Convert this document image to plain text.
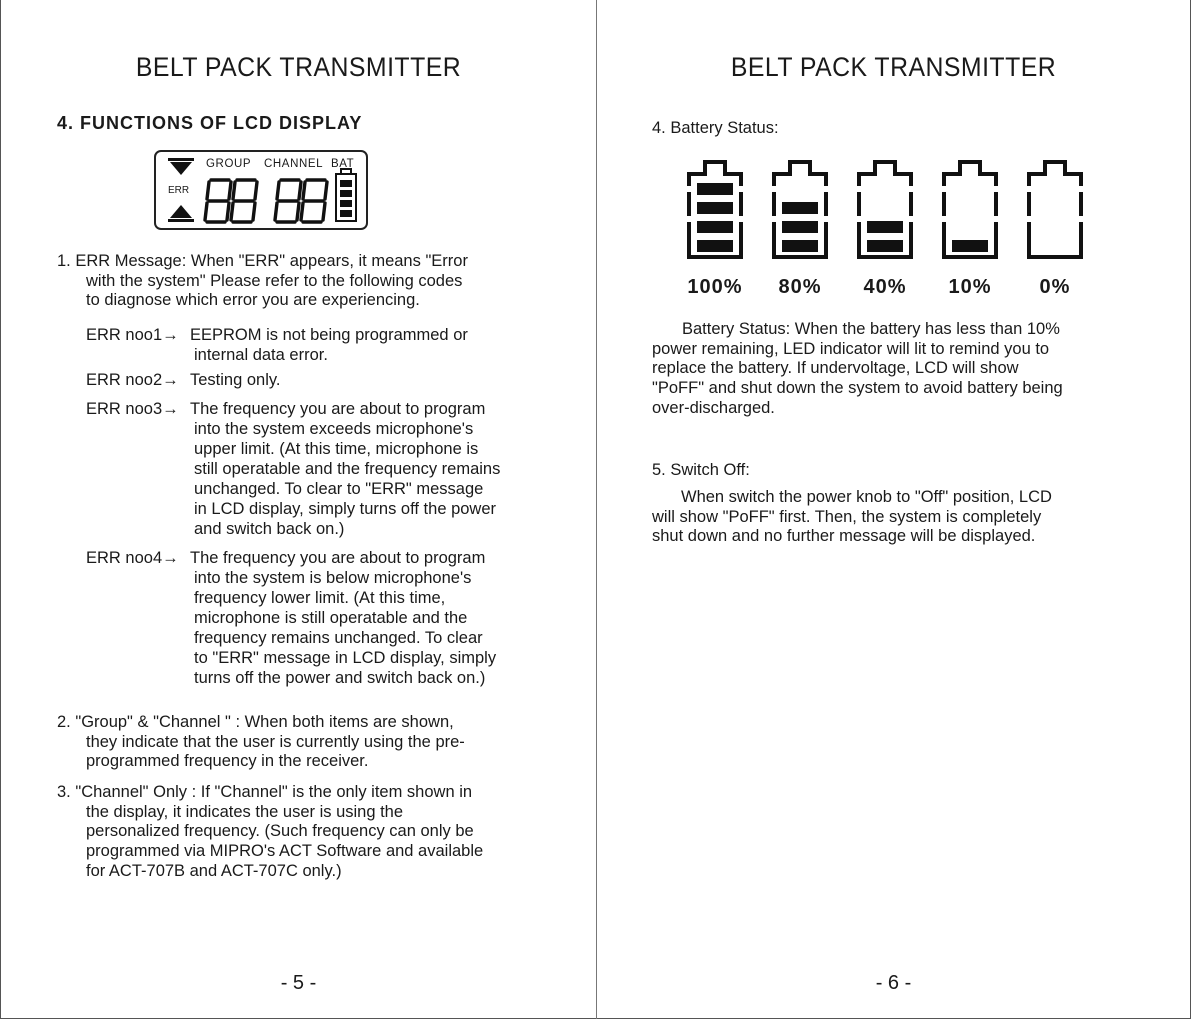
BELT PACK TRANSMITTER
4. FUNCTIONS OF LCD DISPLAY
GROUP CHANNEL BAT
ERR
1. ERR Message: When "ERR" appears, it means "Error
with the system" Please refer to the following codes
to diagnose which error you are experiencing.
ERR noo1→ EEPROM is not being programmed or
internal data error.
ERR noo2→ Testing only.
ERR noo3→ The frequency you are about to program
into the system exceeds microphone's
upper limit. (At this time, microphone is
still operatable and the frequency remains
unchanged. To clear to "ERR" message
in LCD display, simply turns off the power
and switch back on.)
ERR noo4→ The frequency you are about to program
into the system is below microphone's
frequency lower limit. (At this time,
microphone is still operatable and the
frequency remains unchanged. To clear
to "ERR" message in LCD display, simply
turns off the power and switch back on.)
2. "Group" & "Channel " : When both items are shown,
they indicate that the user is currently using the pre-
programmed frequency in the receiver.
3. "Channel" Only : If "Channel" is the only item shown in
the display, it indicates the user is using the
personalized frequency. (Such frequency can only be
programmed via MIPRO's ACT Software and available
for ACT-707B and ACT-707C only.)
- 5 -
BELT PACK TRANSMITTER
4. Battery Status:
100%	80%	40%	10%	0%
Battery Status: When the battery has less than 10%
power remaining, LED indicator will lit to remind you to
replace the battery. If undervoltage, LCD will show
"PoFF" and shut down the system to avoid battery being
over-discharged.
5. Switch Off:
When switch the power knob to "Off" position, LCD
will show "PoFF" first. Then, the system is completely
shut down and no further message will be displayed.
- 6 -
